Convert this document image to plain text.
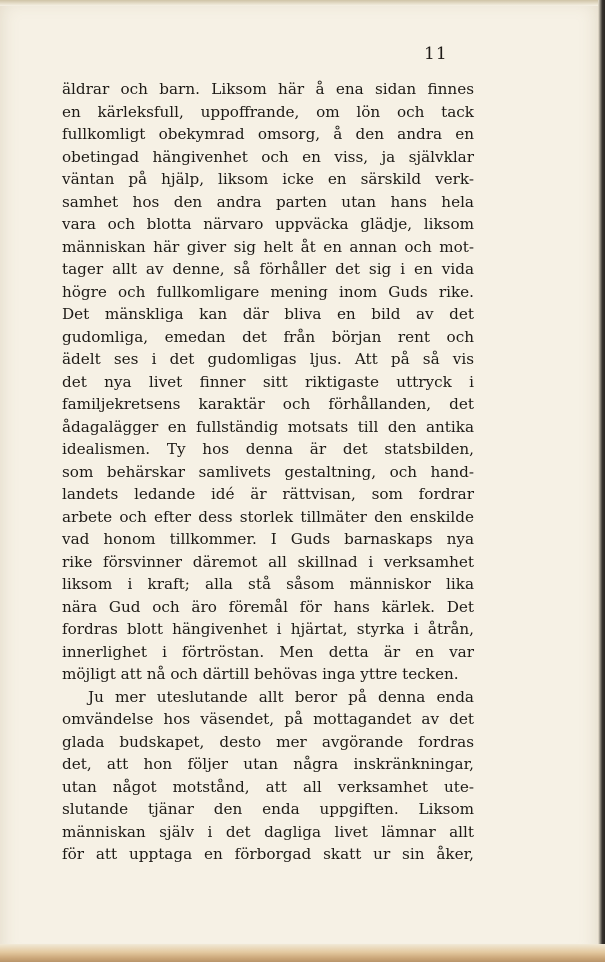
11
äldrar och barn. Liksom här å ena sidan finnes
en kärleksfull, uppoffrande, om lön och tack
fullkomligt obekymrad omsorg, å den andra en
obetingad hängivenhet och en viss, ja självklar
väntan på hjälp, liksom icke en särskild verk-
samhet hos den andra parten utan hans hela
vara och blotta närvaro uppväcka glädje, liksom
människan här giver sig helt åt en annan och mot-
tager allt av denne, så förhåller det sig i en vida
högre och fullkomligare mening inom Guds rike.
Det mänskliga kan där bliva en bild av det
gudomliga, emedan det från början rent och
ädelt ses i det gudomligas ljus. Att på så vis
det nya livet finner sitt riktigaste uttryck i
familjekretsens karaktär och förhållanden, det
ådagalägger en fullständig motsats till den antika
idealismen. Ty hos denna är det statsbilden,
som behärskar samlivets gestaltning, och hand-
landets ledande idé är rättvisan, som fordrar
arbete och efter dess storlek tillmäter den enskilde
vad honom tillkommer. I Guds barnaskaps nya
rike försvinner däremot all skillnad i verksamhet
liksom i kraft; alla stå såsom människor lika
nära Gud och äro föremål för hans kärlek. Det
fordras blott hängivenhet i hjärtat, styrka i åtrån,
innerlighet i förtröstan. Men detta är en var
möjligt att nå och därtill behövas inga yttre tecken.
Ju mer uteslutande allt beror på denna enda
omvändelse hos väsendet, på mottagandet av det
glada budskapet, desto mer avgörande fordras
det, att hon följer utan några inskränkningar,
utan något motstånd, att all verksamhet ute-
slutande tjänar den enda uppgiften. Liksom
människan själv i det dagliga livet lämnar allt
för att upptaga en förborgad skatt ur sin åker,
